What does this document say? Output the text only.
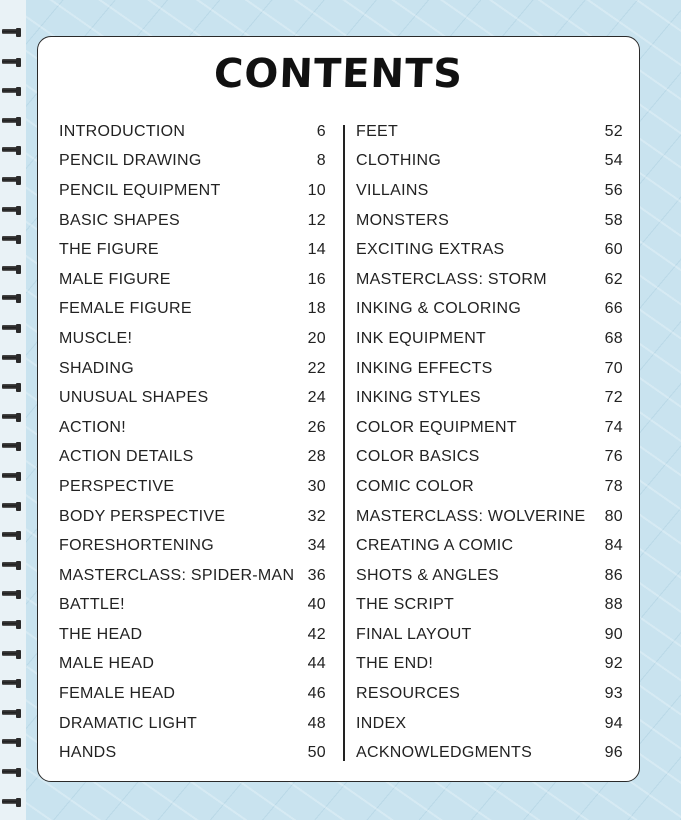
CONTENTS
INTRODUCTION	6
PENCIL DRAWING	8
PENCIL EQUIPMENT	10
BASIC SHAPES	12
THE FIGURE	14
MALE FIGURE	16
FEMALE FIGURE	18
MUSCLE!	20
SHADING	22
UNUSUAL SHAPES	24
ACTION!	26
ACTION DETAILS	28
PERSPECTIVE	30
BODY PERSPECTIVE	32
FORESHORTENING	34
MASTERCLASS: SPIDER-MAN 36
BATTLE!	40
THE HEAD	42
MALE HEAD	44
FEMALE HEAD	46
DRAMATIC LIGHT	48
HANDS	50
FEET	52
CLOTHING	54
VILLAINS	56
MONSTERS	58
EXCITING EXTRAS	60
MASTERCLASS: STORM	62
INKING & COLORING	66
INK EQUIPMENT	68
INKING EFFECTS	70
INKING STYLES	72
COLOR EQUIPMENT	74
COLOR BASICS	76
COMIC COLOR	78
MASTERCLASS: WOLVERINE 80
CREATING A COMIC	84
SHOTS & ANGLES	86
THE SCRIPT	88
FINAL LAYOUT	90
THE END!	92
RESOURCES	93
INDEX	94
ACKNOWLEDGMENTS	96
